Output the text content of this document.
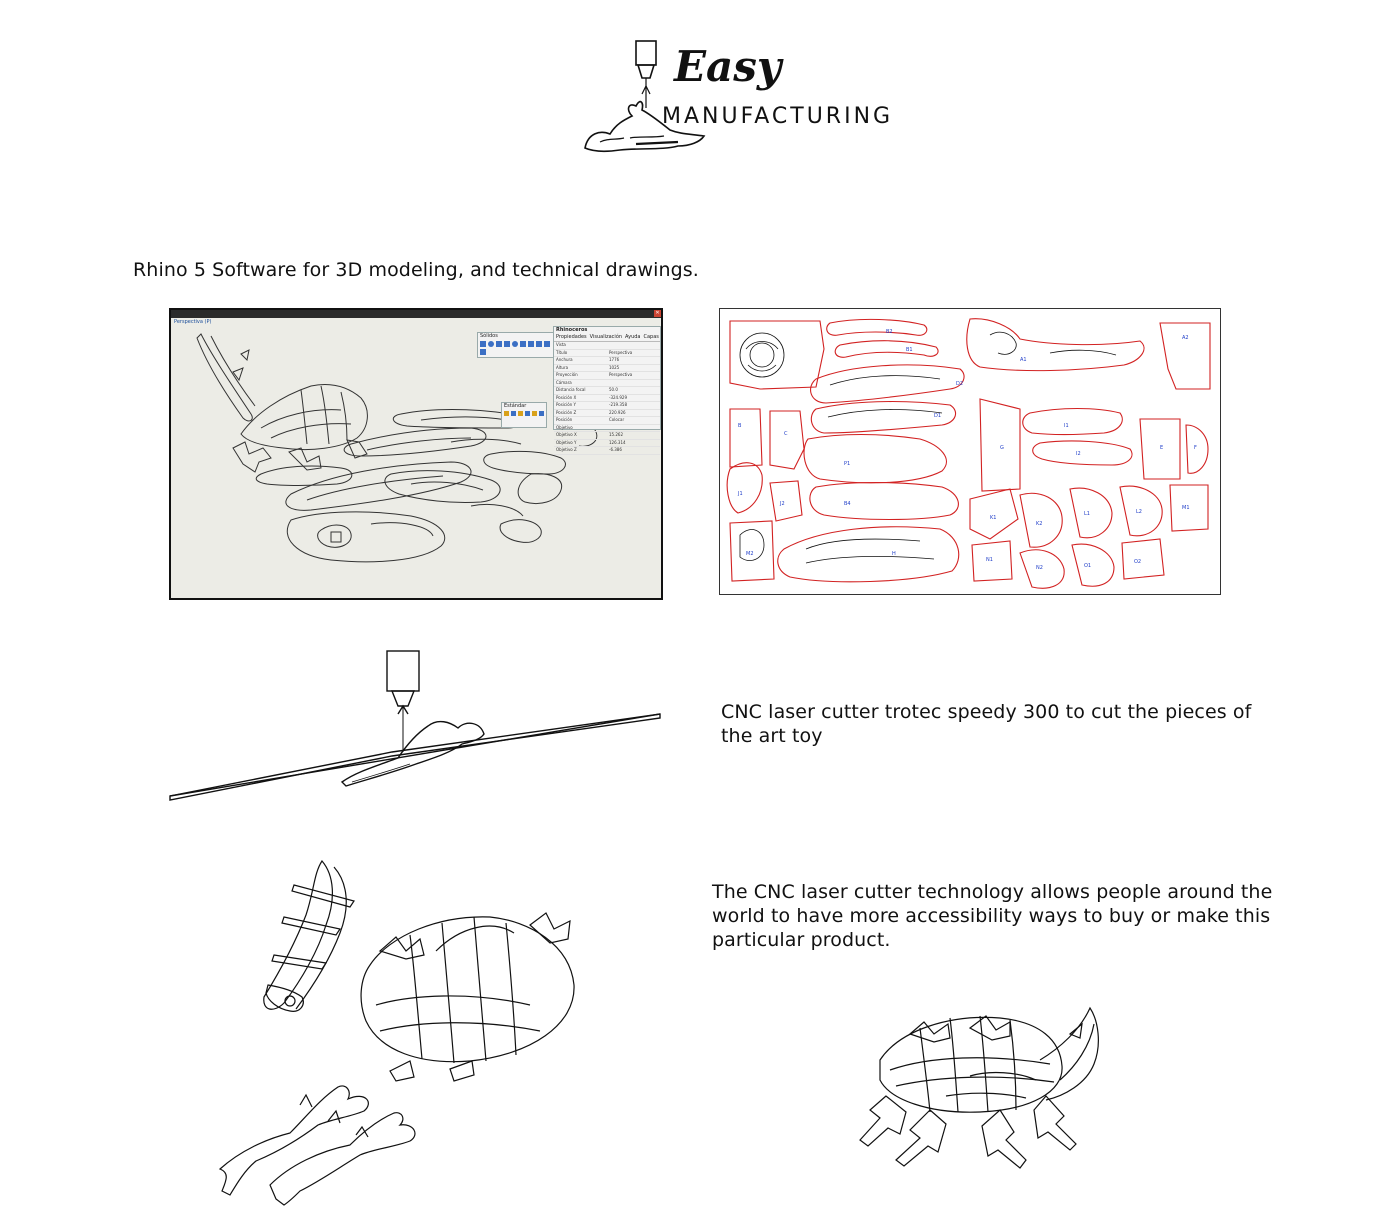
Easy
MANUFACTURING
Rhino 5 Software for 3D modeling, and technical drawings.
Perspectiva (P)
✕
Sólidos
Estándar
Rhinoceros
Propiedades Visualización Ayuda Capas
Vista
Título	Perspectiva
Anchura	1776
Altura	1025
Proyección	Perspectiva
Cámara
Distancia focal	50.0
Posición X	-324.929
Posición Y	-219.358
Posición Z	220.926
Posición	Colocar
Objetivo
Objetivo X	15.262
Objetivo Y	126.314
Objetivo Z	-6.386
B2
B1
D1
D2
A1
A2
B
C
E	F
P1
B4
H
G
I1
I2
J1
J2
K1
K2
L1	L2
M1
M2
N1
N2	O1
O2
CNC laser cutter trotec speedy 300 to cut the pieces of the art toy
The CNC laser cutter technology allows people around the world to have more accessibility ways to buy or make this particular product.
